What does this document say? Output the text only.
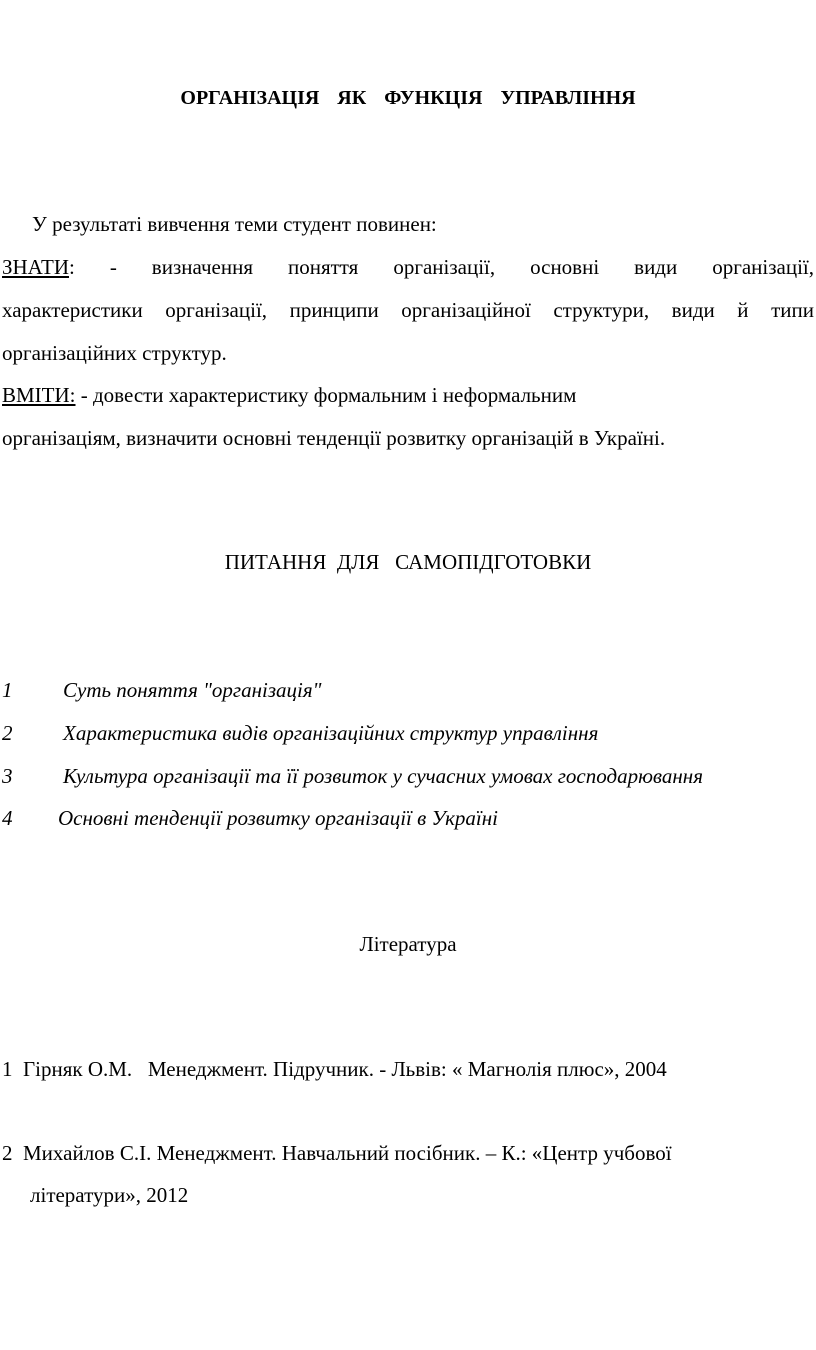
ОРГАНІЗАЦІЯ ЯК ФУНКЦІЯ УПРАВЛІННЯ
У результаті вивчення теми студент повинен:
ЗНАТИ: - визначення поняття організації, основні види організації,
характеристики організації, принципи організаційної структури, види й типи
організаційних структур.
ВМІТИ: - довести характеристику формальним і неформальним
організаціям, визначити основні тенденції розвитку організацій в Україні.
ПИТАННЯ  ДЛЯ   САМОПІДГОТОВКИ
1 Суть поняття "організація"
2 Характеристика видів організаційних структур управління
3 Культура організації та її розвиток у сучасних умовах господарювання
4 Основні тенденції розвитку організації в Україні
Література
1  Гірняк О.М.   Менеджмент. Підручник. - Львів: « Магнолія плюс», 2004
2  Михайлов С.І. Менеджмент. Навчальний посібник. – К.: «Центр учбової
літератури», 2012
